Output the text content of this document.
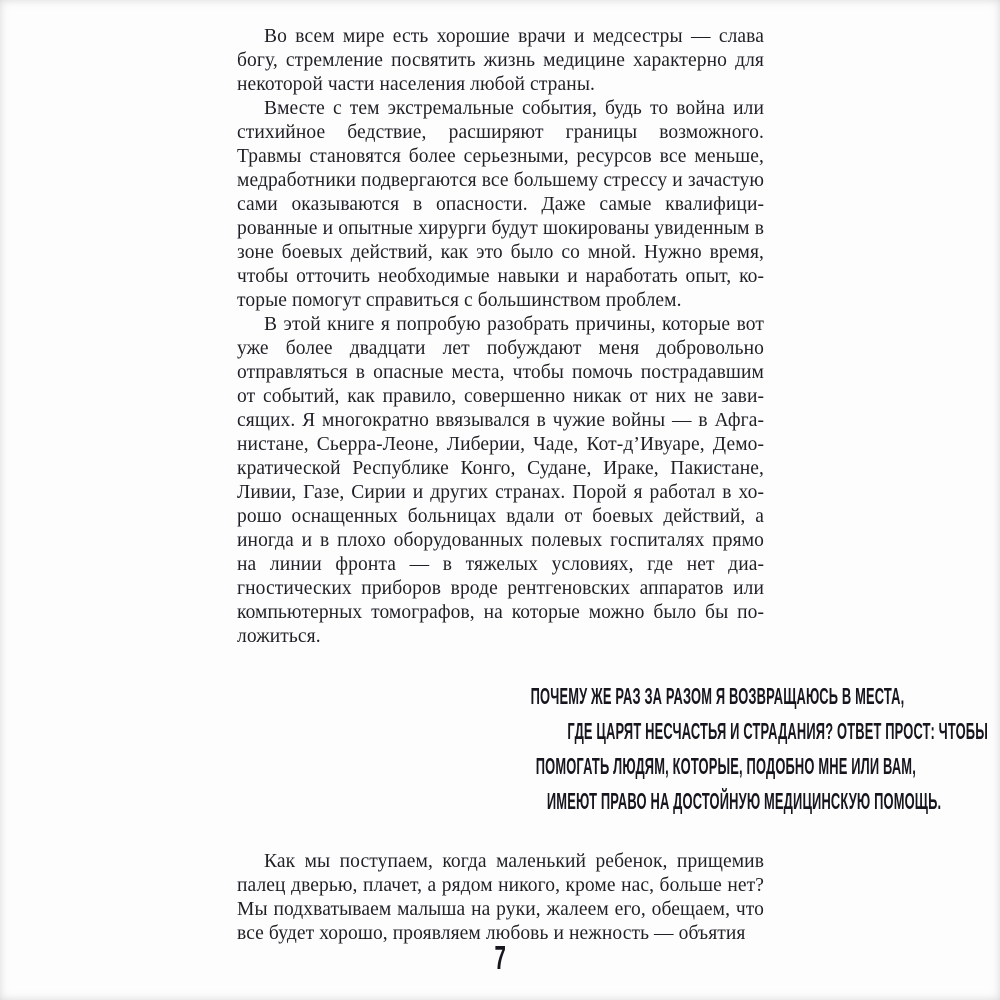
Во всем мире есть хорошие врачи и медсестры — слава богу, стремление посвятить жизнь медицине характерно для некоторой части населения любой страны.

Вместе с тем экстремальные события, будь то война или стихийное бедствие, расширяют границы возможного. Травмы становятся более серьезными, ресурсов все меньше, медработники подвергаются все большему стрессу и зачастую сами оказываются в опасности. Даже самые квалифицированные и опытные хирурги будут шокированы увиденным в зоне боевых действий, как это было со мной. Нужно время, чтобы отточить необходимые навыки и наработать опыт, которые помогут справиться с большинством проблем.

В этой книге я попробую разобрать причины, которые вот уже более двадцати лет побуждают меня добровольно отправляться в опасные места, чтобы помочь пострадавшим от событий, как правило, совершенно никак от них не зависящих. Я многократно ввязывался в чужие войны — в Афганистане, Сьерра-Леоне, Либерии, Чаде, Кот-д’Ивуаре, Демократической Республике Конго, Судане, Ираке, Пакистане, Ливии, Газе, Сирии и других странах. Порой я работал в хорошо оснащенных больницах вдали от боевых действий, а иногда и в плохо оборудованных полевых госпиталях прямо на линии фронта — в тяжелых условиях, где нет диагностических приборов вроде рентгеновских аппаратов или компьютерных томографов, на которые можно было бы положиться.

ПОЧЕМУ ЖЕ РАЗ ЗА РАЗОМ Я ВОЗВРАЩАЮСЬ В МЕСТА,
ГДЕ ЦАРЯТ НЕСЧАСТЬЯ И СТРАДАНИЯ? ОТВЕТ ПРОСТ: ЧТОБЫ
ПОМОГАТЬ ЛЮДЯМ, КОТОРЫЕ, ПОДОБНО МНЕ ИЛИ ВАМ,
ИМЕЮТ ПРАВО НА ДОСТОЙНУЮ МЕДИЦИНСКУЮ ПОМОЩЬ.

Как мы поступаем, когда маленький ребенок, прищемив палец дверью, плачет, а рядом никого, кроме нас, больше нет? Мы подхватываем малыша на руки, жалеем его, обещаем, что все будет хорошо, проявляем любовь и нежность — объятия

7
